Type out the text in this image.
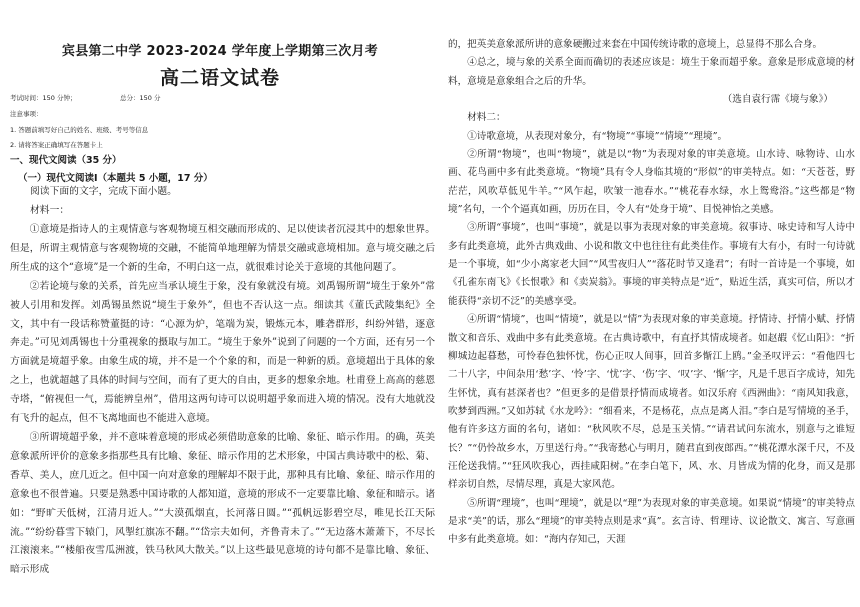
宾县第二中学 2023-2024 学年度上学期第三次月考
高二语文试卷
考试时间：150 分钟；	总分：150 分
注意事项：
1. 答题前填写好自己的姓名、班级、考号等信息
2. 请将答案正确填写在答题卡上
一、现代文阅读（35 分）
（一）现代文阅读Ⅰ（本题共 5 小题，17 分）
阅读下面的文字，完成下面小题。
材料一：

①意境是指诗人的主观情意与客观物境互相交融而形成的、足以使读者沉浸其中的想象世界。但是，所谓主观情意与客观物境的交融，不能简单地理解为情景交融或意境相加。意与境交融之后所生成的这个“意境”是一个新的生命，不明白这一点，就很难讨论关于意境的其他问题了。

②若论境与象的关系，首先应当承认境生于象，没有象就没有境。刘禹锡所谓“境生于象外”常被人引用和发挥。刘禹锡虽然说“境生于象外”，但也不否认这一点。细读其《董氏武陵集纪》全文，其中有一段话称赞董挺的诗：“心源为炉，笔端为炭，锻炼元本，雕砻群形，纠纷舛错，逐意奔走。”可见刘禹锡也十分重视象的摄取与加工。“境生于象外”说到了问题的一个方面，还有另一个方面就是境超乎象。由象生成的境，并不是一个个象的和，而是一种新的质。意境超出于具体的象之上，也就超越了具体的时间与空间，而有了更大的自由，更多的想象余地。杜甫登上高高的慈恩寺塔，“俯视但一气，焉能辨皇州”，借用这两句诗可以说明超乎象而进入境的情况。没有大地就没有飞升的起点，但不飞离地面也不能进入意境。

③所谓境超乎象，并不意味着意境的形成必须借助意象的比喻、象征、暗示作用。的确，英美意象派所评价的意象多指那些具有比喻、象征、暗示作用的艺术形象，中国古典诗歌中的松、菊、香草、美人，庶几近之。但中国一向对意象的理解却不限于此，那种具有比喻、象征、暗示作用的意象也不很普遍。只要是熟悉中国诗歌的人都知道，意境的形成不一定要靠比喻、象征和暗示。诸如：“野旷天低树，江清月近人。”“大漠孤烟直，长河落日圆。”“孤帆远影碧空尽，唯见长江天际流。”“纷纷暮雪下辕门，风掣红旗冻不翻。”“岱宗夫如何，齐鲁青未了。”“无边落木萧萧下，不尽长江滚滚来。”“楼船夜雪瓜洲渡，铁马秋风大散关。”以上这些最见意境的诗句都不是靠比喻、象征、暗示形成

的，把英美意象派所讲的意象硬搬过来套在中国传统诗歌的意境上，总显得不那么合身。

④总之，境与象的关系全面而确切的表述应该是：境生于象而超乎象。意象是形成意境的材料，意境是意象组合之后的升华。

（选自袁行霈《境与象》）

材料二：

①诗歌意境，从表现对象分，有“物境”“事境”“情境”“理境”。

②所谓“物境”，也叫“物境”，就是以“物”为表现对象的审美意境。山水诗、咏物诗、山水画、花鸟画中多有此类意境。“物境”具有令人身临其境的“形似”的审美特点。如：“天苍苍，野茫茫，风吹草低见牛羊。”“风乍起，吹皱一池春水。”“桃花春水绿，水上鸳鸯浴。”这些都是“物境”名句，一个个逼真如画，历历在目，令人有“处身于境”、目悦神怡之美感。

③所谓“事境”，也叫“事境”，就是以事为表现对象的审美意境。叙事诗、咏史诗和写人诗中多有此类意境，此外古典戏曲、小说和散文中也往往有此类佳作。事境有大有小，有时一句诗就是一个事境，如“少小离家老大回”“风雪夜归人”“落花时节又逢君”；有时一首诗是一个事境，如《孔雀东南飞》《长恨歌》和《卖炭翁》。事境的审美特点是“近”，贴近生活，真实可信，所以才能获得“亲切不泛”的美感享受。

④所谓“情境”，也叫“情境”，就是以“情”为表现对象的审美意境。抒情诗、抒情小赋、抒情散文和音乐、戏曲中多有此类意境。在古典诗歌中，有直抒其情成境者。如赵嘏《忆山阳》：“折柳城边起暮愁，可怜春色独怀忧，伤心正叹人间事，回首多惭江上鸥。”金圣叹评云：“看他四七二十八字，中间杂用‘愁’字、‘怜’字、‘忧’字、‘伤’字、‘叹’字、‘惭’字，凡是千思百字成诗，知先生怀忧，真有甚深者也？”但更多的是借景抒情而成境者。如汉乐府《西洲曲》：“南风知我意，吹梦到西洲。”又如苏轼《水龙吟》：“细看来，不是杨花，点点是离人泪。”李白是写情境的圣手，他有许多这方面的名句，诸如：“秋风吹不尽，总是玉关情。”“请君试问东流水，别意与之谁短长？”“仍怜故乡水，万里送行舟。”“我寄愁心与明月，随君直到夜郎西。”“桃花潭水深千尺，不及汪伦送我情。”“狂风吹我心，西挂咸阳树。”在李白笔下，风、水、月皆成为情的化身，而又是那样亲切自然，尽情尽理，真是大家风范。

⑤所谓“理境”，也叫“理境”，就是以“理”为表现对象的审美意境。如果说“情境”的审美特点是求“美”的话，那么“理境”的审美特点则是求“真”。玄言诗、哲理诗、议论散文、寓言、写意画中多有此类意境。如：“海内存知己，天涯
